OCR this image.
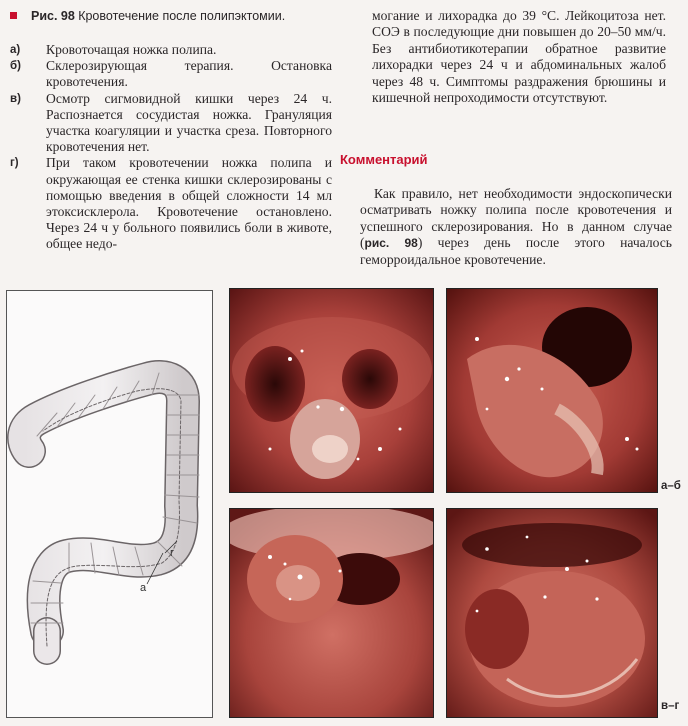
Рис. 98 Кровотечение после полипэктомии.
а)	Кровоточащая ножка полипа.
б)	Склерозирующая терапия. Остановка кровотечения.
в)	Осмотр сигмовидной кишки через 24 ч. Распознается сосудистая ножка. Грануляция участка коагуляции и участка среза. Повторного кровотечения нет.
г)	При таком кровотечении ножка полипа и окружающая ее стенка кишки склерозированы с помощью введения в общей сложности 14 мл этоксисклерола. Кровотечение остановлено. Через 24 ч у больного появились боли в животе, общее недо-
могание и лихорадка до 39 °С. Лейкоцитоза нет. СОЭ в последующие дни повышен до 20–50 мм/ч. Без антибиотикотерапии обратное развитие лихорадки через 24 ч и абдоминальных жалоб через 48 ч. Симптомы раздражения брюшины и кишечной непроходимости отсутствуют.
Комментарий
Как правило, нет необходимости эндоскопически осматривать ножку полипа после кровотечения и успешного склерозирования. Но в данном случае (рис. 98) через день после этого началось геморроидальное кровотечение.
а
г
а–б
в–г
